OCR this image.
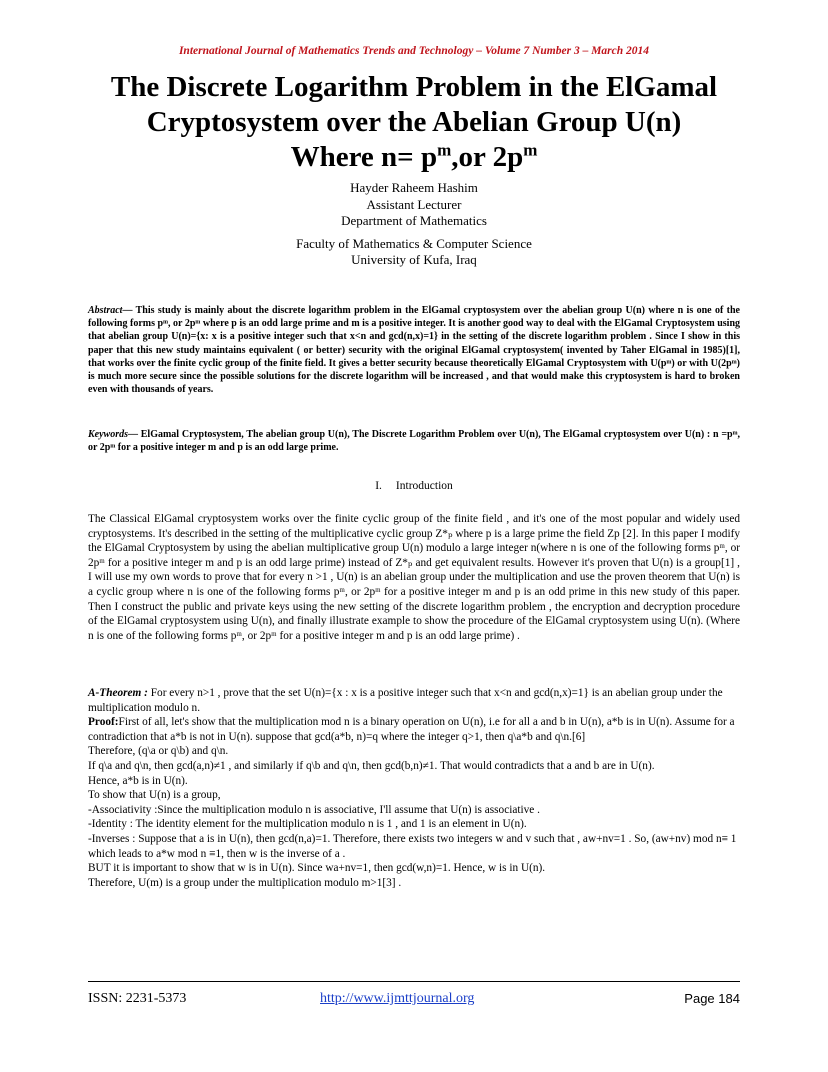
International Journal of Mathematics Trends and Technology – Volume 7 Number 3 – March 2014
The Discrete Logarithm Problem in the ElGamal
Cryptosystem over the Abelian Group U(n)
Where $n= p^m,or$ $2p^m$
Hayder Raheem Hashim
Assistant Lecturer
Department of Mathematics
Faculty of Mathematics & Computer Science
University of Kufa, Iraq
Abstract— This study is mainly about the discrete logarithm problem in the ElGamal cryptosystem over the abelian group U(n) where n is one of the following forms pᵐ, or 2pᵐ where p is an odd large prime and m is a positive integer. It is another good way to deal with the ElGamal Cryptosystem using that abelian group U(n)={x: x is a positive integer such that x<n and gcd(n,x)=1} in the setting of the discrete logarithm problem . Since I show in this paper that this new study maintains equivalent ( or better) security with the original ElGamal cryptosystem( invented by Taher ElGamal in 1985)[1], that works over the finite cyclic group of the finite field. It gives a better security because theoretically ElGamal Cryptosystem with U(pᵐ) or with U(2pᵐ) is much more secure since the possible solutions for the discrete logarithm will be increased , and that would make this cryptosystem is hard to broken even with thousands of years.
Keywords— ElGamal Cryptosystem, The abelian group U(n), The Discrete Logarithm Problem over U(n), The ElGamal cryptosystem over U(n) : n =pᵐ, or 2pᵐ for a positive integer m and p is an odd large prime.
I. Introduction
The Classical ElGamal cryptosystem works over the finite cyclic group of the finite field , and it's one of the most popular and widely used cryptosystems. It's described in the setting of the multiplicative cyclic group Z*ₚ where p is a large prime the field Zp [2]. In this paper I modify the ElGamal Cryptosystem by using the abelian multiplicative group U(n) modulo a large integer n(where n is one of the following forms pᵐ, or 2pᵐ for a positive integer m and p is an odd large prime) instead of Z*ₚ and get equivalent results. However it's proven that U(n) is a group[1] , I will use my own words to prove that for every n >1 , U(n) is an abelian group under the multiplication and use the proven theorem that U(n) is a cyclic group where n is one of the following forms pᵐ, or 2pᵐ for a positive integer m and p is an odd prime in this new study of this paper. Then I construct the public and private keys using the new setting of the discrete logarithm problem , the encryption and decryption procedure of the ElGamal cryptosystem using U(n), and finally illustrate example to show the procedure of the ElGamal cryptosystem using U(n). (Where n is one of the following forms pᵐ, or 2pᵐ for a positive integer m and p is an odd large prime) .

A-Theorem : For every n>1 , prove that the set U(n)={x : x is a positive integer such that x<n and gcd(n,x)=1} is an abelian group under the multiplication modulo n.

Proof:First of all, let's show that the multiplication mod n is a binary operation on U(n), i.e for all a and b in U(n), a*b is in U(n). Assume for a contradiction that a*b is not in U(n). suppose that gcd(a*b, n)=q where the integer q>1, then q\a*b and q\n.[6]

Therefore, (q\a or q\b) and q\n.

If q\a and q\n, then gcd(a,n)≠1 , and similarly if q\b and q\n, then gcd(b,n)≠1. That would contradicts that a and b are in U(n).

Hence, a*b is in U(n).

To show that U(n) is a group,

-Associativity :Since the multiplication modulo n is associative, I'll assume that U(n) is associative .

-Identity : The identity element for the multiplication modulo n is 1 , and 1 is an element in U(n).

-Inverses : Suppose that a is in U(n), then gcd(n,a)=1. Therefore, there exists two integers w and v such that , aw+nv=1 . So, (aw+nv) mod n≡ 1 which leads to a*w mod n ≡1, then w is the inverse of a .

BUT it is important to show that w is in U(n). Since wa+nv=1, then gcd(w,n)=1. Hence, w is in U(n).

Therefore, U(m) is a group under the multiplication modulo m>1[3] .

ISSN: 2231-5373	http://www.ijmttjournal.org	Page 184
